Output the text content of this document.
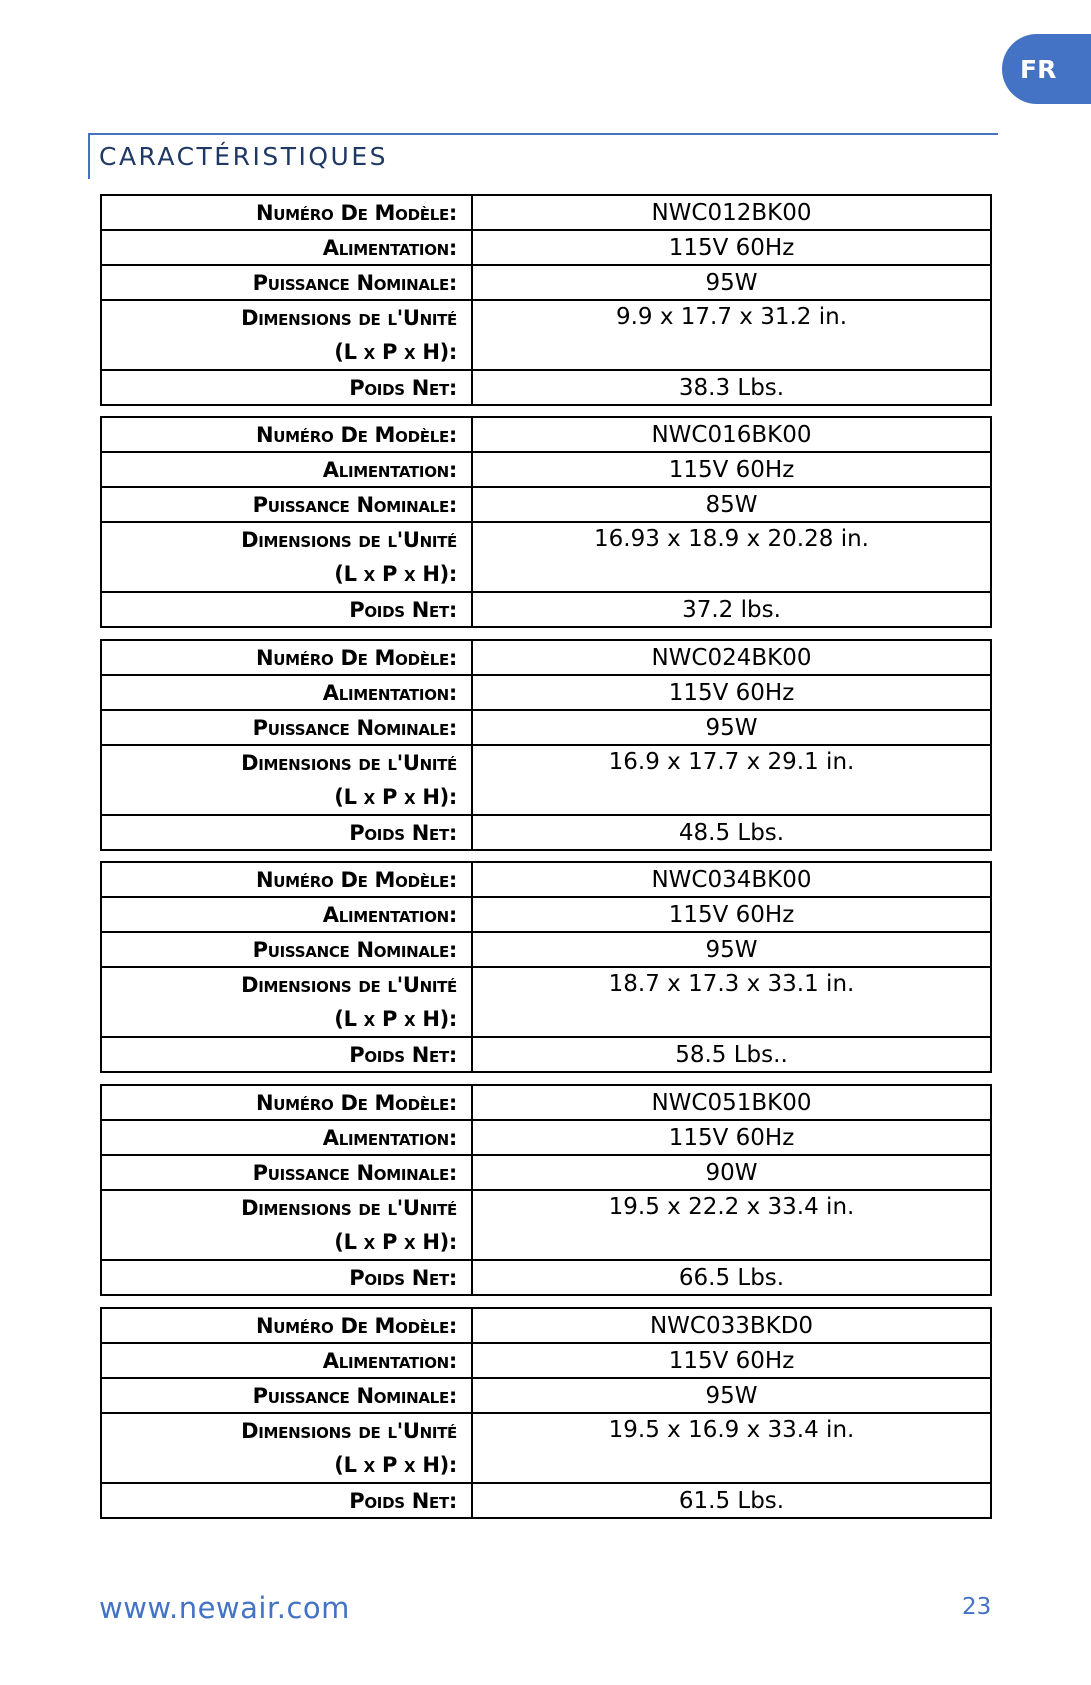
FR
CARACTÉRISTIQUES
Numéro De Modèle:	NWC012BK00
Alimentation:	115V 60Hz
Puissance Nominale:	95W
Dimensions de l'Unité
(L x P x H):	9.9 x 17.7 x 31.2 in.
Poids Net:	38.3 Lbs.
Numéro De Modèle:	NWC016BK00
Alimentation:	115V 60Hz
Puissance Nominale:	85W
Dimensions de l'Unité
(L x P x H):	16.93 x 18.9 x 20.28 in.
Poids Net:	37.2 lbs.
Numéro De Modèle:	NWC024BK00
Alimentation:	115V 60Hz
Puissance Nominale:	95W
Dimensions de l'Unité
(L x P x H):	16.9 x 17.7 x 29.1 in.
Poids Net:	48.5 Lbs.
Numéro De Modèle:	NWC034BK00
Alimentation:	115V 60Hz
Puissance Nominale:	95W
Dimensions de l'Unité
(L x P x H):	18.7 x 17.3 x 33.1 in.
Poids Net:	58.5 Lbs..
Numéro De Modèle:	NWC051BK00
Alimentation:	115V 60Hz
Puissance Nominale:	90W
Dimensions de l'Unité
(L x P x H):	19.5 x 22.2 x 33.4 in.
Poids Net:	66.5 Lbs.
Numéro De Modèle:	NWC033BKD0
Alimentation:	115V 60Hz
Puissance Nominale:	95W
Dimensions de l'Unité
(L x P x H):	19.5 x 16.9 x 33.4 in.
Poids Net:	61.5 Lbs.
www.newair.com	23
